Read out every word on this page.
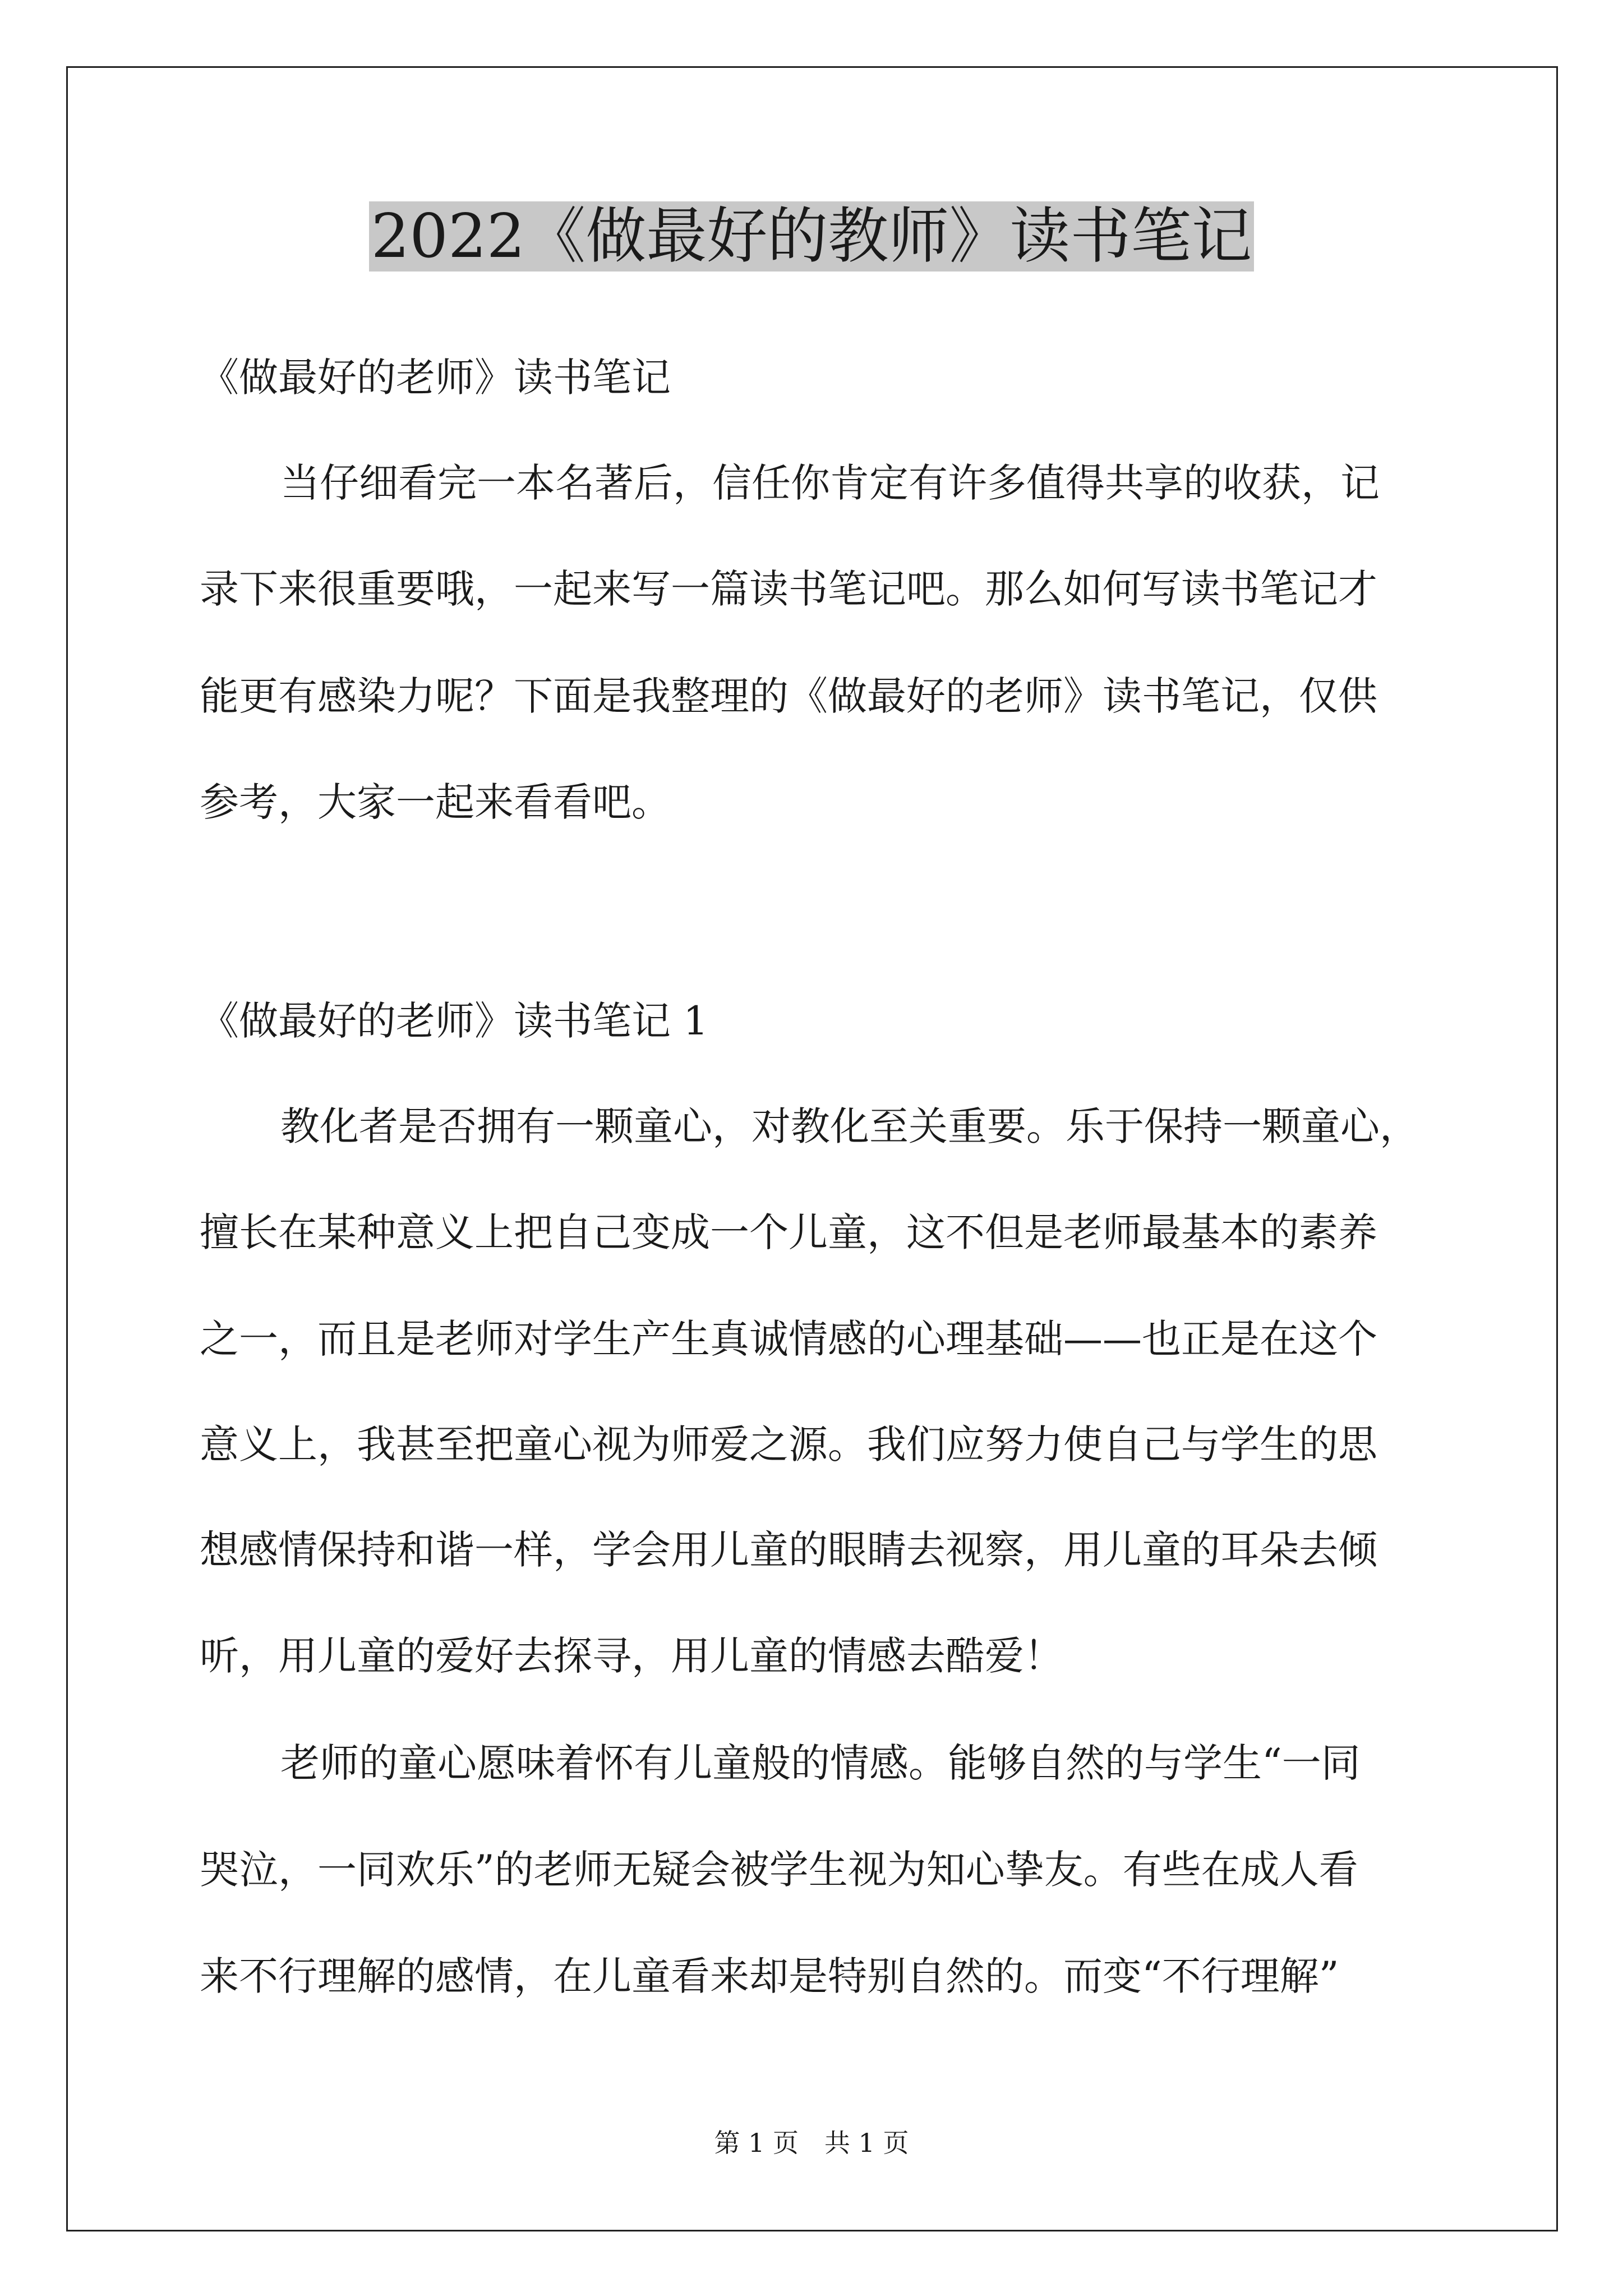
2022《做最好的教师》读书笔记

《做最好的老师》读书笔记

当仔细看完一本名著后，信任你肯定有许多值得共享的收获，记

录下来很重要哦，一起来写一篇读书笔记吧。那么如何写读书笔记才

能更有感染力呢？下面是我整理的《做最好的老师》读书笔记，仅供

参考，大家一起来看看吧。

《做最好的老师》读书笔记 1

教化者是否拥有一颗童心，对教化至关重要。乐于保持一颗童心，

擅长在某种意义上把自己变成一个儿童，这不但是老师最基本的素养

之一，而且是老师对学生产生真诚情感的心理基础——也正是在这个

意义上，我甚至把童心视为师爱之源。我们应努力使自己与学生的思

想感情保持和谐一样，学会用儿童的眼睛去视察，用儿童的耳朵去倾

听，用儿童的爱好去探寻，用儿童的情感去酷爱！

老师的童心愿味着怀有儿童般的情感。能够自然的与学生“一同

哭泣，一同欢乐”的老师无疑会被学生视为知心挚友。有些在成人看

来不行理解的感情，在儿童看来却是特别自然的。而变“不行理解”

第 1 页　共 1 页
